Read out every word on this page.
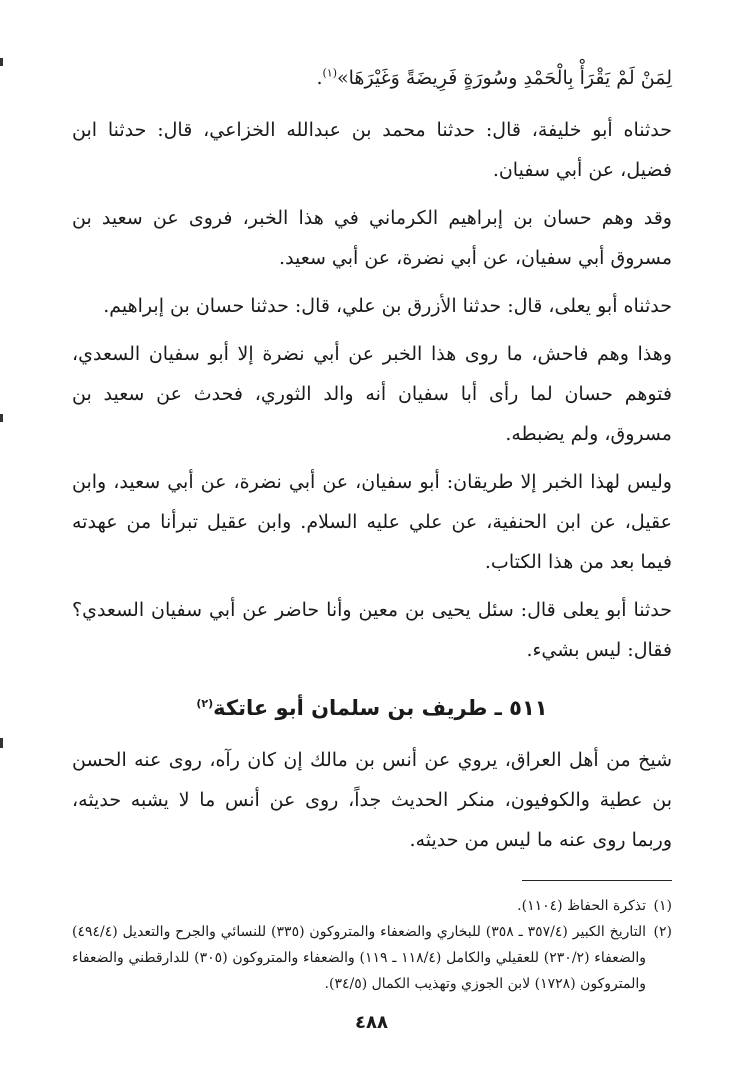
لِمَنْ لَمْ يَقْرَأْ بِالْحَمْدِ وسُورَةٍ فَرِيضَةً وَغَيْرَهَا»$^{(١)}$.

حدثناه أبو خليفة، قال: حدثنا محمد بن عبدالله الخزاعي، قال: حدثنا ابن فضيل، عن أبي سفيان.

وقد وهم حسان بن إبراهيم الكرماني في هذا الخبر، فروى عن سعيد بن مسروق أبي سفيان، عن أبي نضرة، عن أبي سعيد.

حدثناه أبو يعلى، قال: حدثنا الأزرق بن علي، قال: حدثنا حسان بن إبراهيم.

وهذا وهم فاحش، ما روى هذا الخبر عن أبي نضرة إلا أبو سفيان السعدي، فتوهم حسان لما رأى أبا سفيان أنه والد الثوري، فحدث عن سعيد بن مسروق، ولم يضبطه.

وليس لهذا الخبر إلا طريقان: أبو سفيان، عن أبي نضرة، عن أبي سعيد، وابن عقيل، عن ابن الحنفية، عن علي عليه السلام. وابن عقيل تبرأنا من عهدته فيما بعد من هذا الكتاب.

حدثنا أبو يعلى قال: سئل يحيى بن معين وأنا حاضر عن أبي سفيان السعدي؟ فقال: ليس بشيء.

٥١١ ـ طريف بن سلمان أبو عاتكة$^{(٢)}$

شيخ من أهل العراق، يروي عن أنس بن مالك إن كان رآه، روى عنه الحسن بن عطية والكوفيون، منكر الحديث جداً، روى عن أنس ما لا يشبه حديثه، وربما روى عنه ما ليس من حديثه.

(١)
تذكرة الحفاظ (١١٠٤).
(٢)
التاريخ الكبير (٣٥٧/٤ ـ ٣٥٨) للبخاري والضعفاء والمتروكون (٣٣٥) للنسائي والجرح والتعديل (٤٩٤/٤) والضعفاء (٢٣٠/٢) للعقيلي والكامل (١١٨/٤ ـ ١١٩) والضعفاء والمتروكون (٣٠٥) للدارقطني والضعفاء والمتروكون (١٧٢٨) لابن الجوزي وتهذيب الكمال (٣٤/٥).
٤٨٨
